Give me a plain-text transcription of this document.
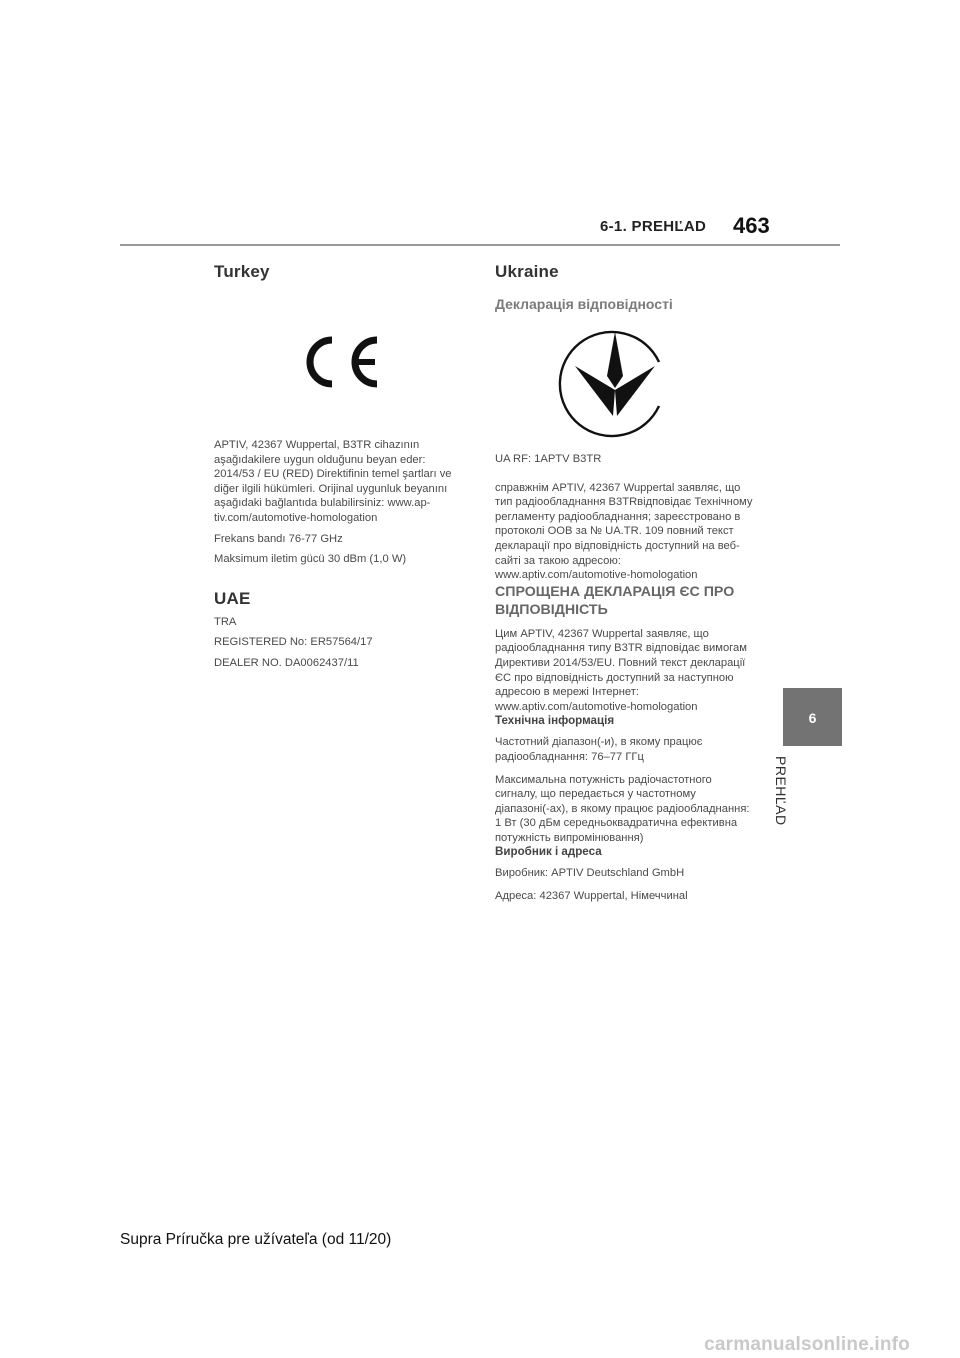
6-1. PREHĽAD 463
Turkey

APTIV, 42367 Wuppertal, B3TR cihazının aşağıdakilere uygun olduğunu beyan eder: 2014/53 / EU (RED) Direktifinin temel şartları ve diğer ilgili hükümleri. Orijinal uygunluk beyanını aşağıdaki bağlantıda bulabilirsiniz: www.ap-tiv.com/automotive-homologation

Frekans bandı 76-77 GHz

Maksimum iletim gücü 30 dBm (1,0 W)

UAE

TRA

REGISTERED No: ER57564/17

DEALER NO. DA0062437/11

Ukraine
Декларація відповідності

UA RF: 1APTV B3TR

справжнім APTIV, 42367 Wuppertal заявляє, що тип радіообладнання B3TRвідповідає Технічному регламенту радіообладнання; зареєстровано в протоколі OOB за № UA.TR. 109 повний текст декларації про відповідність доступний на веб-сайті за такою адресою: www.aptiv.com/automotive-homologation

СПРОЩЕНА ДЕКЛАРАЦІЯ ЄС ПРО ВІДПОВІДНІСТЬ

Цим APTIV, 42367 Wuppertal заявляє, що радіообладнання типу B3TR відповідає вимогам Директиви 2014/53/EU. Повний текст декларації ЄС про відповідність доступний за наступною адресою в мережі Інтернет: www.aptiv.com/automotive-homologation

Технічна інформація

Частотний діапазон(-и), в якому працює радіообладнання: 76–77 ГГц

Максимальна потужність радіочастотного сигналу, що передається у частотному діапазоні(-ах), в якому працює радіообладнання: 1 Вт (30 дБм середньоквадратична ефективна потужність випромінювання)

Виробник і адреса

Виробник: APTIV Deutschland GmbH

Адреса: 42367 Wuppertal, Німеччинаl

6
PREHĽAD
Supra Príručka pre užívateľa (od 11/20)
carmanualsonline.info
